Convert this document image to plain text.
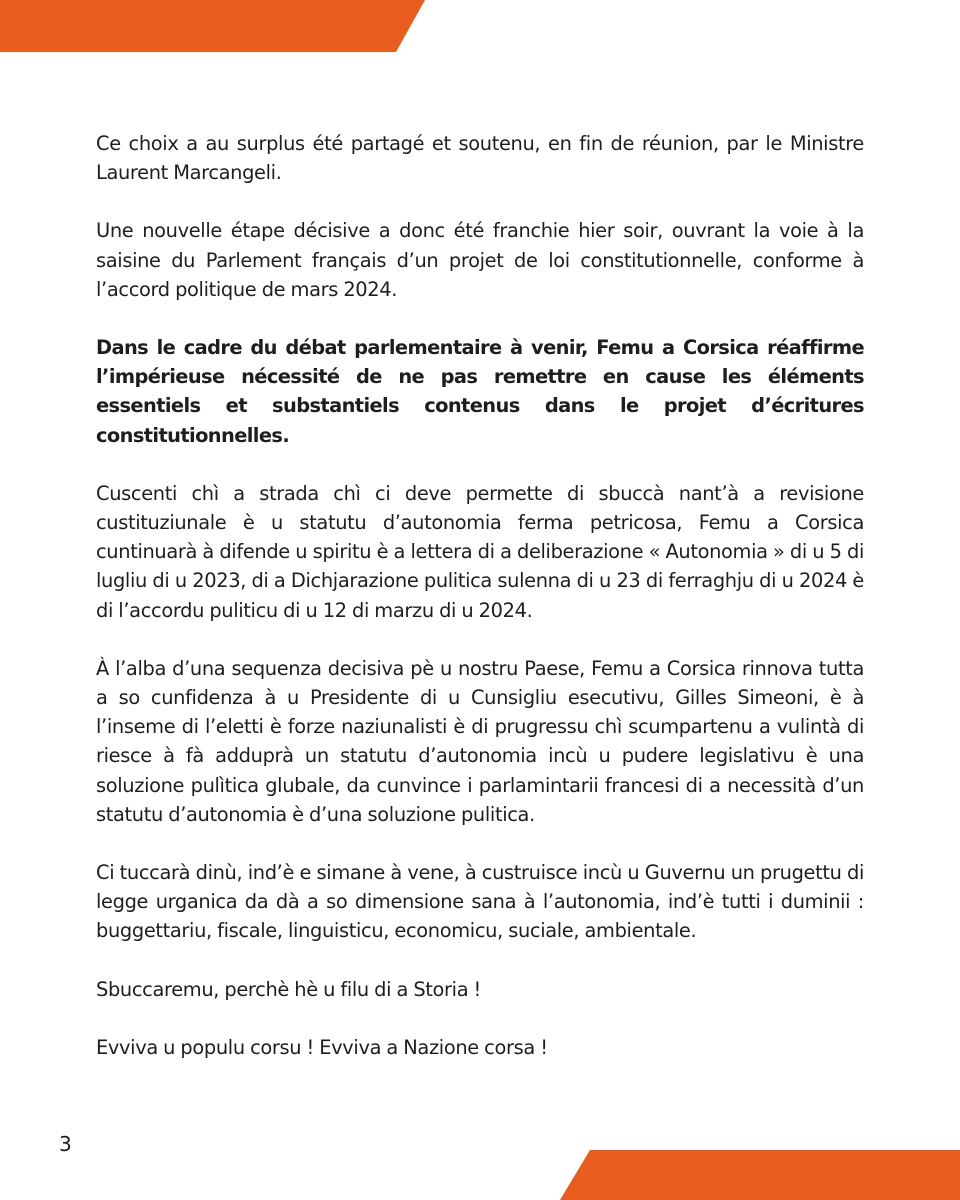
Ce choix a au surplus été partagé et soutenu, en fin de réunion, par le Ministre Laurent Marcangeli.

Une nouvelle étape décisive a donc été franchie hier soir, ouvrant la voie à la saisine du Parlement français d’un projet de loi constitutionnelle, conforme à l’accord politique de mars 2024.

Dans le cadre du débat parlementaire à venir, Femu a Corsica réaffirme l’impérieuse nécessité de ne pas remettre en cause les éléments essentiels et substantiels contenus dans le projet d’écritures constitutionnelles.

Cuscenti chì a strada chì ci deve permette di sbuccà nant’à a revisione custituziunale è u statutu d’autonomia ferma petricosa, Femu a Corsica cuntinuarà à difende u spiritu è a lettera di a deliberazione « Autonomia » di u 5 di lugliu di u 2023, di a Dichjarazione pulitica sulenna di u 23 di ferraghju di u 2024 è di l’accordu puliticu di u 12 di marzu di u 2024.

À l’alba d’una sequenza decisiva pè u nostru Paese, Femu a Corsica rinnova tutta a so cunfidenza à u Presidente di u Cunsigliu esecutivu, Gilles Simeoni, è à l’inseme di l’eletti è forze naziunalisti è di prugressu chì scumpartenu a vulintà di riesce à fà adduprà un statutu d’autonomia incù u pudere legislativu è una soluzione pulìtica glubale, da cunvince i parlamintarii francesi di a necessità d’un statutu d’autonomia è d’una soluzione pulitica.

Ci tuccarà dinù, ind’è e simane à vene, à custruisce incù u Guvernu un prugettu di legge urganica da dà a so dimensione sana à l’autonomia, ind’è tutti i duminii : buggettariu, fiscale, linguisticu, economicu, suciale, ambientale.

Sbuccaremu, perchè hè u filu di a Storia !

Evviva u populu corsu ! Evviva a Nazione corsa !

3
